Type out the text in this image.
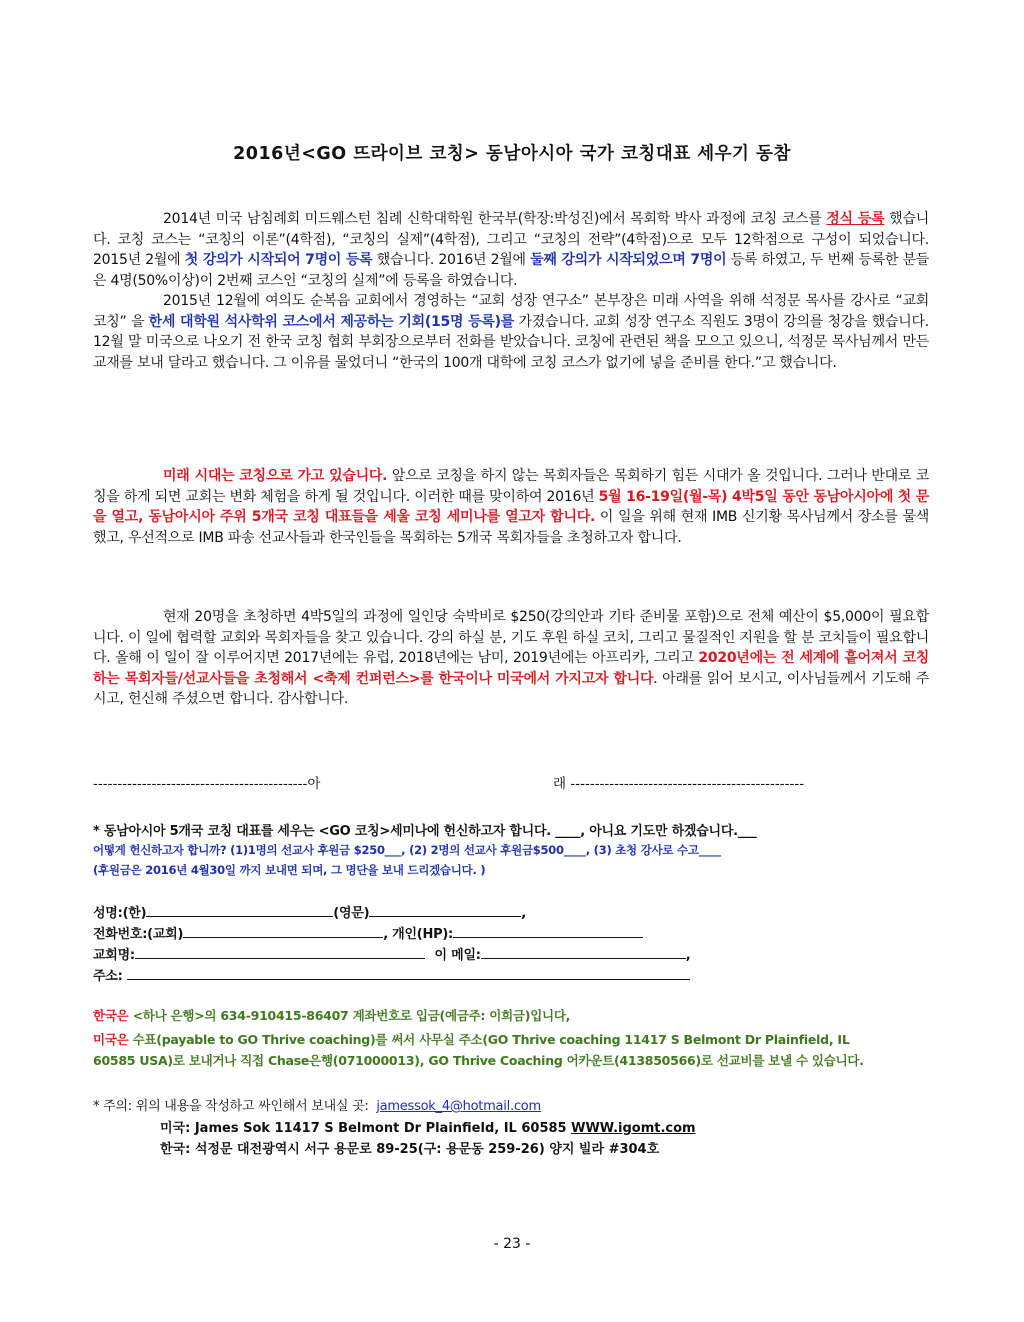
2016년<GO 뜨라이브 코칭> 동남아시아 국가 코칭대표 세우기 동참

2014년 미국 남침례회 미드웨스턴 침례 신학대학원 한국부(학장:박성진)에서 목회학 박사 과정에 코칭 코스를 정식 등록 했습니다. 코칭 코스는 “코칭의 이론”(4학점), “코칭의 실제”(4학점), 그리고 “코칭의 전략”(4학점)으로 모두 12학점으로 구성이 되었습니다. 2015년 2월에 첫 강의가 시작되어 7명이 등록 했습니다. 2016년 2월에 둘째 강의가 시작되었으며 7명이 등록 하였고, 두 번째 등록한 분들은 4명(50%이상)이 2번째 코스인 “코칭의 실제”에 등록을 하였습니다.

2015년 12월에 여의도 순복음 교회에서 경영하는 “교회 성장 연구소” 본부장은 미래 사역을 위해 석정문 목사를 강사로 “교회 코칭” 을 한세 대학원 석사학위 코스에서 제공하는 기회(15명 등록)를 가졌습니다. 교회 성장 연구소 직원도 3명이 강의를 청강을 했습니다. 12월 말 미국으로 나오기 전 한국 코칭 협회 부회장으로부터 전화를 받았습니다. 코칭에 관련된 책을 모으고 있으니, 석정문 목사님께서 만든 교재를 보내 달라고 했습니다. 그 이유를 물었더니 “한국의 100개 대학에 코칭 코스가 없기에 넣을 준비를 한다.”고 했습니다.

미래 시대는 코칭으로 가고 있습니다. 앞으로 코칭을 하지 않는 목회자들은 목회하기 힘든 시대가 올 것입니다. 그러나 반대로 코칭을 하게 되면 교회는 변화 체험을 하게 될 것입니다. 이러한 때를 맞이하여 2016년 5월 16-19일(월-목) 4박5일 동안 동남아시아에 첫 문을 열고, 동남아시아 주위 5개국 코칭 대표들을 세울 코칭 세미나를 열고자 합니다. 이 일을 위해 현재 IMB 신기황 목사님께서 장소를 물색했고, 우선적으로 IMB 파송 선교사들과 한국인들을 목회하는 5개국 목회자들을 초청하고자 합니다.

현재 20명을 초청하면 4박5일의 과정에 일인당 숙박비로 $250(강의안과 기타 준비물 포함)으로 전체 예산이 $5,000이 필요합니다. 이 일에 협력할 교회와 목회자들을 찾고 있습니다. 강의 하실 분, 기도 후원 하실 코치, 그리고 물질적인 지원을 할 분 코치들이 필요합니다. 올해 이 일이 잘 이루어지면 2017년에는 유럽, 2018년에는 남미, 2019년에는 아프리카, 그리고 2020년에는 전 세계에 흩어져서 코칭하는 목회자들/선교사들을 초청해서 <축제 컨퍼런스>를 한국이나 미국에서 가지고자 합니다. 아래를 읽어 보시고, 이사님들께서 기도해 주시고, 헌신해 주셨으면 합니다. 감사합니다.

--------------------------------------------아	래 ------------------------------------------------
* 동남아시아 5개국 코칭 대표를 세우는 <GO 코칭>세미나에 헌신하고자 합니다. ____, 아니요 기도만 하겠습니다.___
어떻게 헌신하고자 합니까? (1)1명의 선교사 후원금 $250___, (2) 2명의 선교사 후원금$500____, (3) 초청 강사로 수고____
(후원금은 2016년 4월30일 까지 보내면 되며, 그 명단을 보내 드리겠습니다. )
성명:(한)	(영문)	,
전화번호:(교회)	, 개인(HP):
교회명:	이 메일:	,
주소:
한국은 <하나 은행>의 634-910415-86407 계좌번호로 입금(예금주: 이희금)입니다,
미국은 수표(payable to GO Thrive coaching)를 써서 사무실 주소(GO Thrive coaching 11417 S Belmont Dr Plainfield, IL
60585 USA)로 보내거나 직접 Chase은행(071000013), GO Thrive Coaching 어카운트(413850566)로 선교비를 보낼 수 있습니다.
* 주의: 위의 내용을 작성하고 싸인해서 보내실 곳: jamessok_4@hotmail.com
미국: James Sok 11417 S Belmont Dr Plainfield, IL 60585 WWW.igomt.com
한국: 석정문 대전광역시 서구 용문로 89-25(구: 용문동 259-26) 양지 빌라 #304호
- 23 -
